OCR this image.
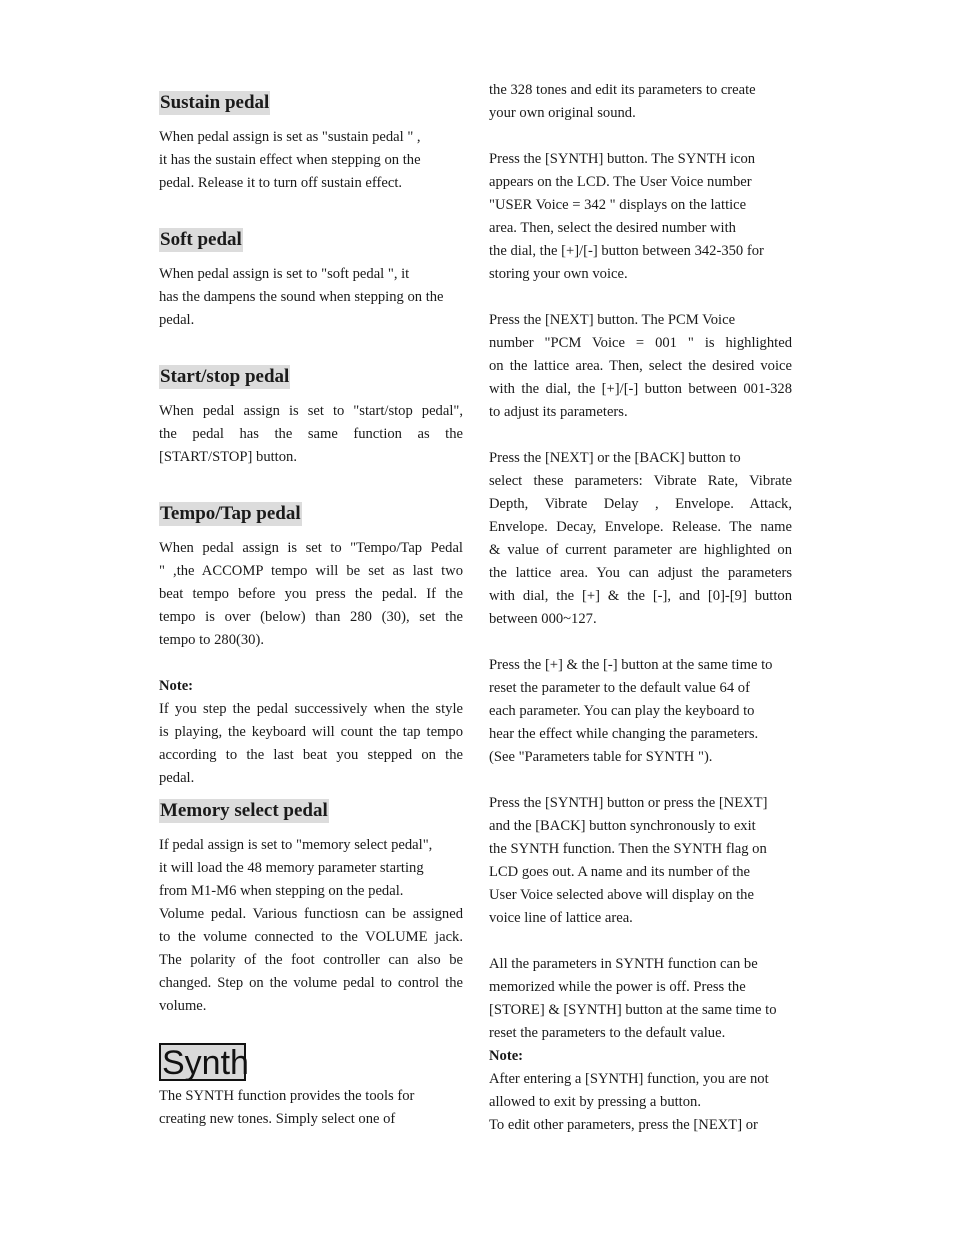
Sustain pedal
When pedal assign is set as "sustain pedal " ,
it has the sustain effect when stepping on the
pedal. Release it to turn off sustain effect.
Soft pedal
When pedal assign is set to "soft pedal ", it
has the dampens the sound when stepping on the
pedal.
Start/stop pedal
When pedal assign is set to "start/stop pedal",
the pedal has the same function as the
[START/STOP] button.
Tempo/Tap pedal
When pedal assign is set to "Tempo/Tap Pedal
" ,the ACCOMP tempo will be set as last two
beat tempo before you press the pedal. If the
tempo is over (below) than 280 (30), set the
tempo to 280(30).
Note:
If you step the pedal successively when the style
is playing, the keyboard will count the tap tempo
according to the last beat you stepped on the
pedal.
Memory select pedal
If pedal assign is set to "memory select pedal",
it will load the 48 memory parameter starting
from M1-M6 when stepping on the pedal.
Volume pedal. Various functiosn can be assigned
to the volume connected to the VOLUME jack.
The polarity of the foot controller can also be
changed. Step on the volume pedal to control the
volume.
Synth
The SYNTH function provides the tools for
creating new tones. Simply select one of
the 328 tones and edit its parameters to create
your own original sound.
Press the [SYNTH] button. The SYNTH icon
appears on the LCD. The User Voice number
"USER Voice = 342 " displays on the lattice
area. Then, select the desired number with
the dial, the [+]/[-] button between 342-350 for
storing your own voice.
Press the [NEXT] button. The PCM Voice
number "PCM Voice = 001 " is highlighted
on the lattice area. Then, select the desired voice
with the dial, the [+]/[-] button between 001-328
to adjust its parameters.
Press the [NEXT] or the [BACK] button to
select these parameters: Vibrate Rate, Vibrate
Depth, Vibrate Delay , Envelope. Attack,
Envelope. Decay, Envelope. Release. The name
& value of current parameter are highlighted on
the lattice area. You can adjust the parameters
with dial, the [+] & the [-], and [0]-[9] button
between 000~127.
Press the [+] & the [-] button at the same time to
reset the parameter to the default value 64 of
each parameter. You can play the keyboard to
hear the effect while changing the parameters.
(See "Parameters table for SYNTH ").
Press the [SYNTH] button or press the [NEXT]
and the [BACK] button synchronously to exit
the SYNTH function. Then the SYNTH flag on
LCD goes out. A name and its number of the
User Voice selected above will display on the
voice line of lattice area.
All the parameters in SYNTH function can be
memorized while the power is off. Press the
[STORE] & [SYNTH] button at the same time to
reset the parameters to the default value.
Note:
After entering a [SYNTH] function, you are not
allowed to exit by pressing a button.
To edit other parameters, press the [NEXT] or
